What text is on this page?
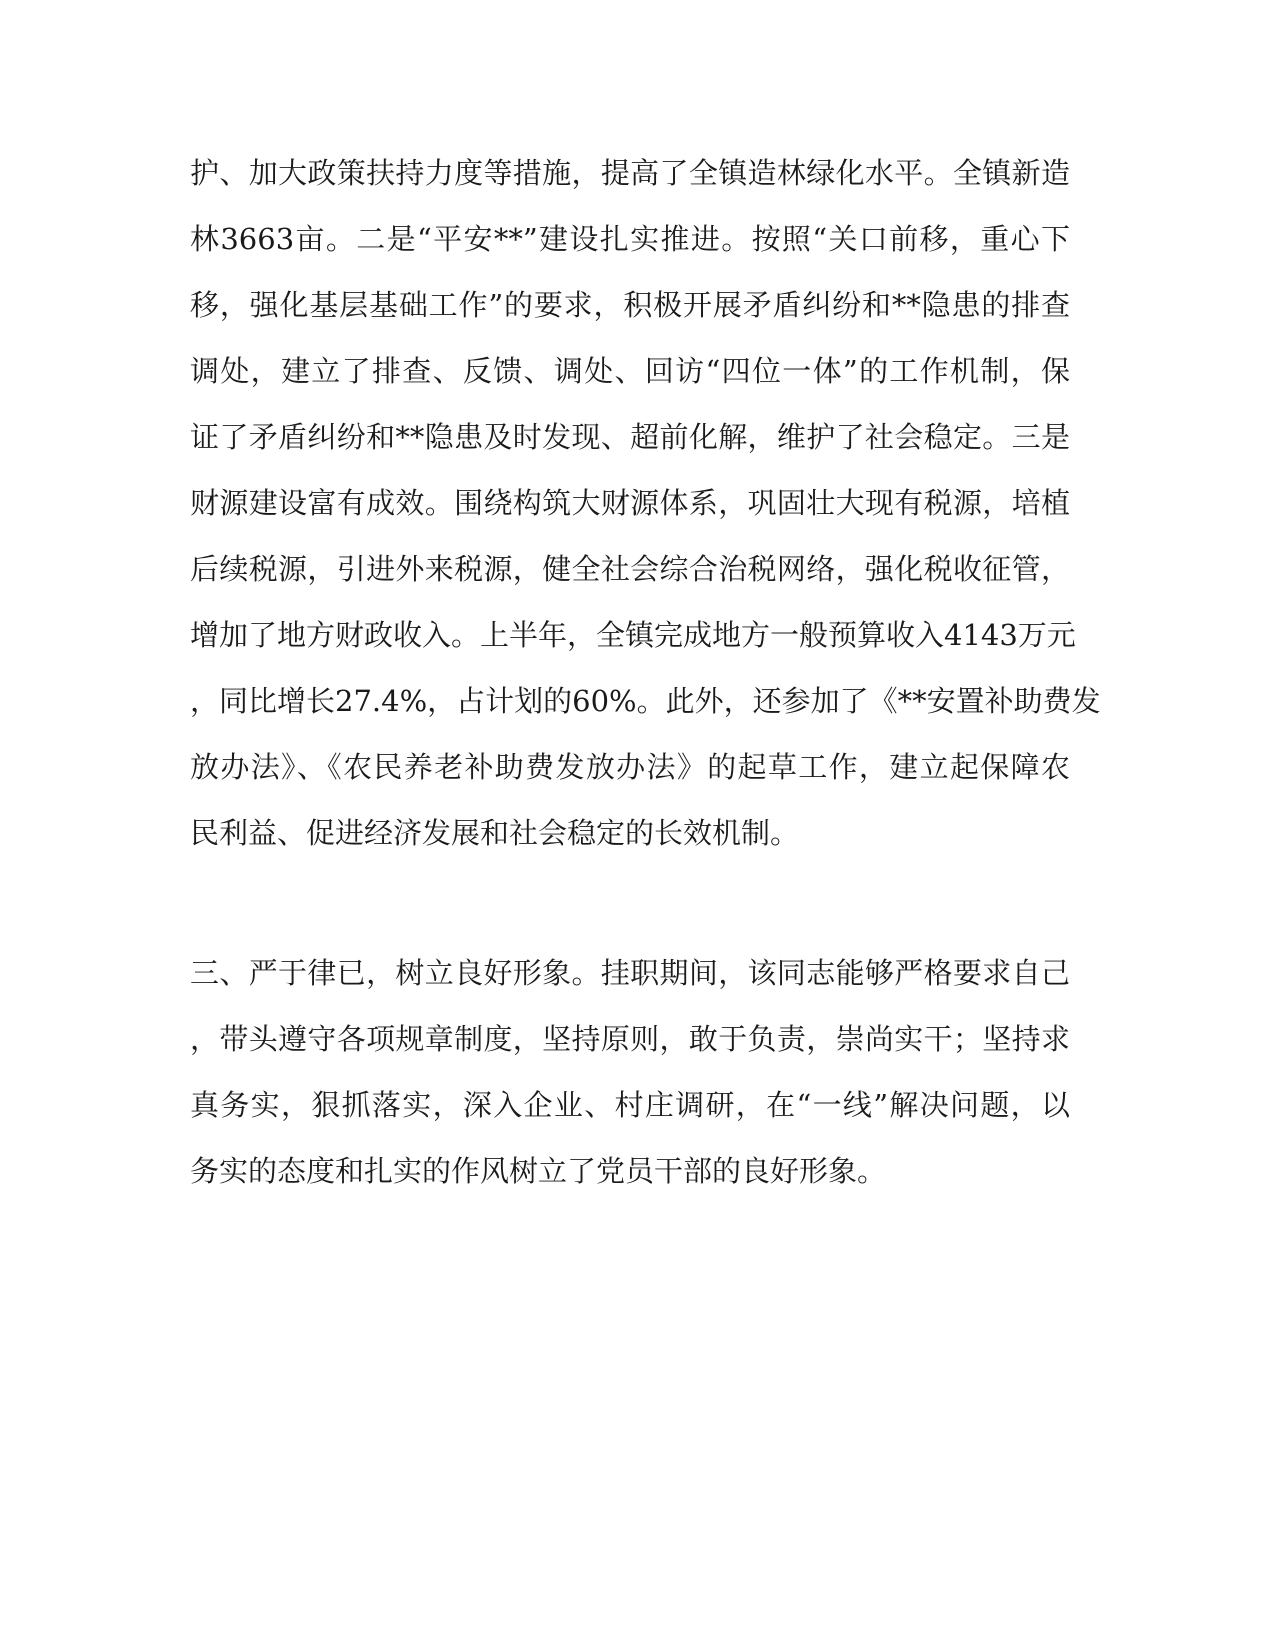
护、加大政策扶持力度等措施，提高了全镇造林绿化水平。全镇新造
林3663亩。二是“平安**”建设扎实推进。按照“关口前移，重心下
移，强化基层基础工作”的要求，积极开展矛盾纠纷和**隐患的排查
调处，建立了排查、反馈、调处、回访“四位一体”的工作机制，保
证了矛盾纠纷和**隐患及时发现、超前化解，维护了社会稳定。三是
财源建设富有成效。围绕构筑大财源体系，巩固壮大现有税源，培植
后续税源，引进外来税源，健全社会综合治税网络，强化税收征管，
增加了地方财政收入。上半年，全镇完成地方一般预算收入4143万元
，同比增长27.4%，占计划的60%。此外，还参加了《**安置补助费发
放办法》、《农民养老补助费发放办法》的起草工作，建立起保障农
民利益、促进经济发展和社会稳定的长效机制。
三、严于律已，树立良好形象。挂职期间，该同志能够严格要求自己
，带头遵守各项规章制度，坚持原则，敢于负责，崇尚实干；坚持求
真务实，狠抓落实，深入企业、村庄调研，在“一线”解决问题，以
务实的态度和扎实的作风树立了党员干部的良好形象。
